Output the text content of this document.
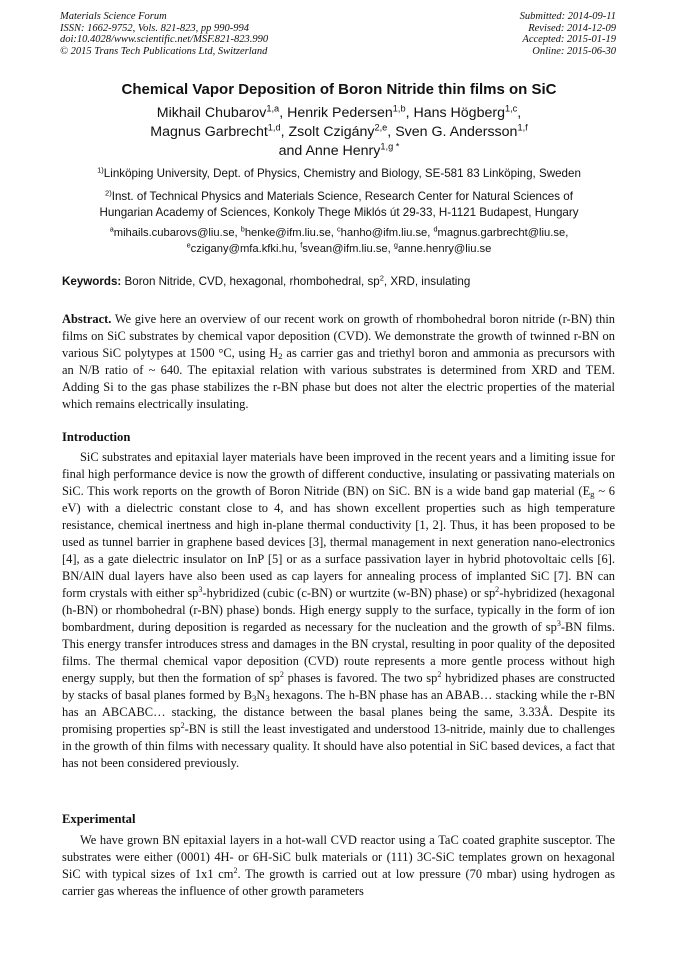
Materials Science Forum
ISSN: 1662-9752, Vols. 821-823, pp 990-994
doi:10.4028/www.scientific.net/MSF.821-823.990
© 2015 Trans Tech Publications Ltd, Switzerland
Submitted: 2014-09-11
Revised: 2014-12-09
Accepted: 2015-01-19
Online: 2015-06-30
Chemical Vapor Deposition of Boron Nitride thin films on SiC
Mikhail Chubarov$^{1,a}$, Henrik Pedersen$^{1,b}$, Hans Högberg$^{1,c}$,
Magnus Garbrecht$^{1,d}$, Zsolt Czigány$^{2,e}$, Sven G. Andersson$^{1,f}$
and Anne Henry$^{1,g *}$
$^{1)}$Linköping University, Dept. of Physics, Chemistry and Biology, SE-581 83 Linköping, Sweden
$^{2)}$Inst. of Technical Physics and Materials Science, Research Center for Natural Sciences of
Hungarian Academy of Sciences, Konkoly Thege Miklós út 29-33, H-1121 Budapest, Hungary
$^a$mihails.cubarovs@liu.se, $^b$henke@ifm.liu.se, $^c$hanho@ifm.liu.se, $^d$magnus.garbrecht@liu.se,
$^e$czigany@mfa.kfki.hu, $^f$svean@ifm.liu.se, $^g$anne.henry@liu.se
Keywords: Boron Nitride, CVD, hexagonal, rhombohedral, $sp^2$, XRD, insulating

Abstract. We give here an overview of our recent work on growth of rhombohedral boron nitride (r-BN) thin films on SiC substrates by chemical vapor deposition (CVD). We demonstrate the growth of twinned r-BN on various SiC polytypes at 1500 °C, using $H_2$ as carrier gas and triethyl boron and ammonia as precursors with an N/B ratio of ~ 640. The epitaxial relation with various substrates is determined from XRD and TEM. Adding Si to the gas phase stabilizes the r-BN phase but does not alter the electric properties of the material which remains electrically insulating.

Introduction

SiC substrates and epitaxial layer materials have been improved in the recent years and a limiting issue for final high performance device is now the growth of different conductive, insulating or passivating materials on SiC. This work reports on the growth of Boron Nitride (BN) on SiC. BN is a wide band gap material ($E_g$ ~ 6 eV) with a dielectric constant close to 4, and has shown excellent properties such as high temperature resistance, chemical inertness and high in-plane thermal conductivity [1, 2]. Thus, it has been proposed to be used as tunnel barrier in graphene based devices [3], thermal management in next generation nano-electronics [4], as a gate dielectric insulator on InP [5] or as a surface passivation layer in hybrid photovoltaic cells [6]. BN/AlN dual layers have also been used as cap layers for annealing process of implanted SiC [7]. BN can form crystals with either $sp^3$-hybridized (cubic (c-BN) or wurtzite (w-BN) phase) or $sp^2$-hybridized (hexagonal (h-BN) or rhombohedral (r-BN) phase) bonds. High energy supply to the surface, typically in the form of ion bombardment, during deposition is regarded as necessary for the nucleation and the growth of $sp^3-BN$ films. This energy transfer introduces stress and damages in the BN crystal, resulting in poor quality of the deposited films. The thermal chemical vapor deposition (CVD) route represents a more gentle process without high energy supply, but then the formation of $sp^2$ phases is favored. The two $sp^2$ hybridized phases are constructed by stacks of basal planes formed by $B_3N_3$ hexagons. The h-BN phase has an ABAB… stacking while the r-BN has an ABCABC… stacking, the distance between the basal planes being the same, 3.33Å. Despite its promising properties $sp^2-BN$ is still the least investigated and understood 13-nitride, mainly due to challenges in the growth of thin films with necessary quality. It should have also potential in SiC based devices, a fact that has not been considered previously.

Experimental

We have grown BN epitaxial layers in a hot-wall CVD reactor using a TaC coated graphite susceptor. The substrates were either (0001) 4H- or 6H-SiC bulk materials or (111) 3C-SiC templates grown on hexagonal SiC with typical sizes of 1x1 $cm^2$. The growth is carried out at low pressure (70 mbar) using hydrogen as carrier gas whereas the influence of other growth parameters
